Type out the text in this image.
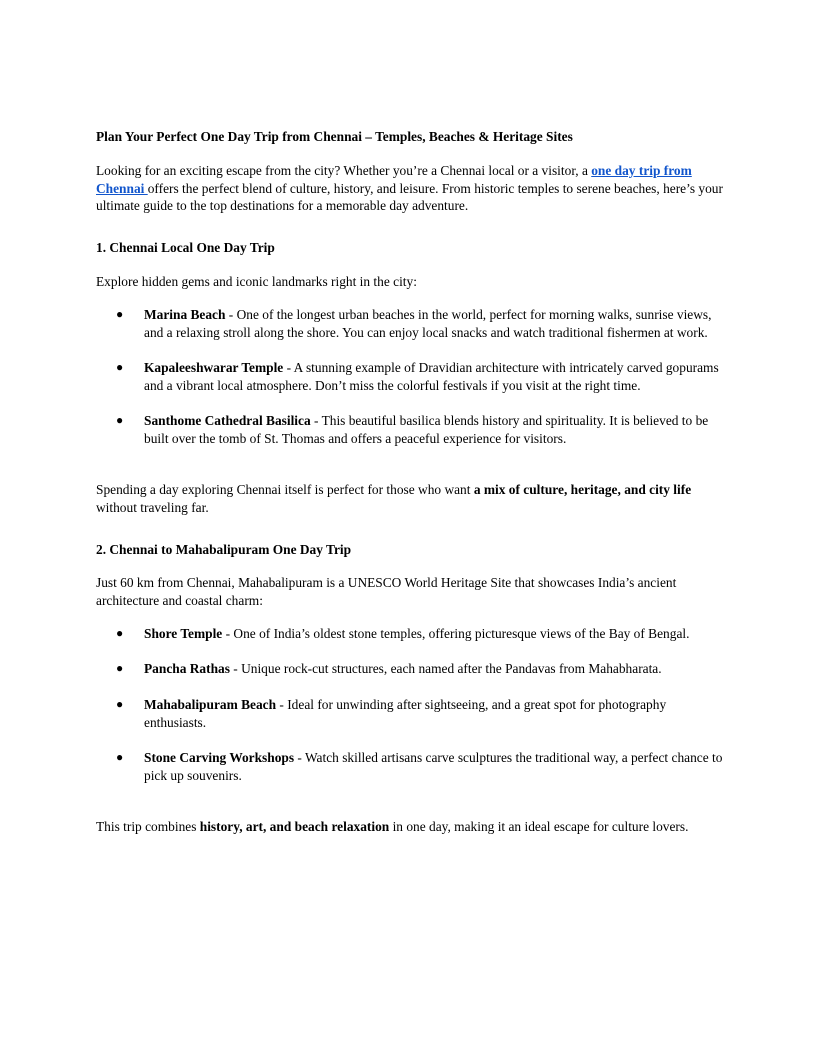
Plan Your Perfect One Day Trip from Chennai – Temples, Beaches & Heritage Sites

Looking for an exciting escape from the city? Whether you’re a Chennai local or a visitor, a one day trip from Chennai offers the perfect blend of culture, history, and leisure. From historic temples to serene beaches, here’s your ultimate guide to the top destinations for a memorable day adventure.

1. Chennai Local One Day Trip

Explore hidden gems and iconic landmarks right in the city:

● Marina Beach - One of the longest urban beaches in the world, perfect for morning walks, sunrise views, and a relaxing stroll along the shore. You can enjoy local snacks and watch traditional fishermen at work.
● Kapaleeshwarar Temple - A stunning example of Dravidian architecture with intricately carved gopurams and a vibrant local atmosphere. Don’t miss the colorful festivals if you visit at the right time.
● Santhome Cathedral Basilica - This beautiful basilica blends history and spirituality. It is believed to be built over the tomb of St. Thomas and offers a peaceful experience for visitors.

Spending a day exploring Chennai itself is perfect for those who want a mix of culture, heritage, and city life without traveling far.

2. Chennai to Mahabalipuram One Day Trip

Just 60 km from Chennai, Mahabalipuram is a UNESCO World Heritage Site that showcases India’s ancient architecture and coastal charm:

● Shore Temple - One of India’s oldest stone temples, offering picturesque views of the Bay of Bengal.
● Pancha Rathas - Unique rock-cut structures, each named after the Pandavas from Mahabharata.
● Mahabalipuram Beach - Ideal for unwinding after sightseeing, and a great spot for photography enthusiasts.
● Stone Carving Workshops - Watch skilled artisans carve sculptures the traditional way, a perfect chance to pick up souvenirs.

This trip combines history, art, and beach relaxation in one day, making it an ideal escape for culture lovers.
